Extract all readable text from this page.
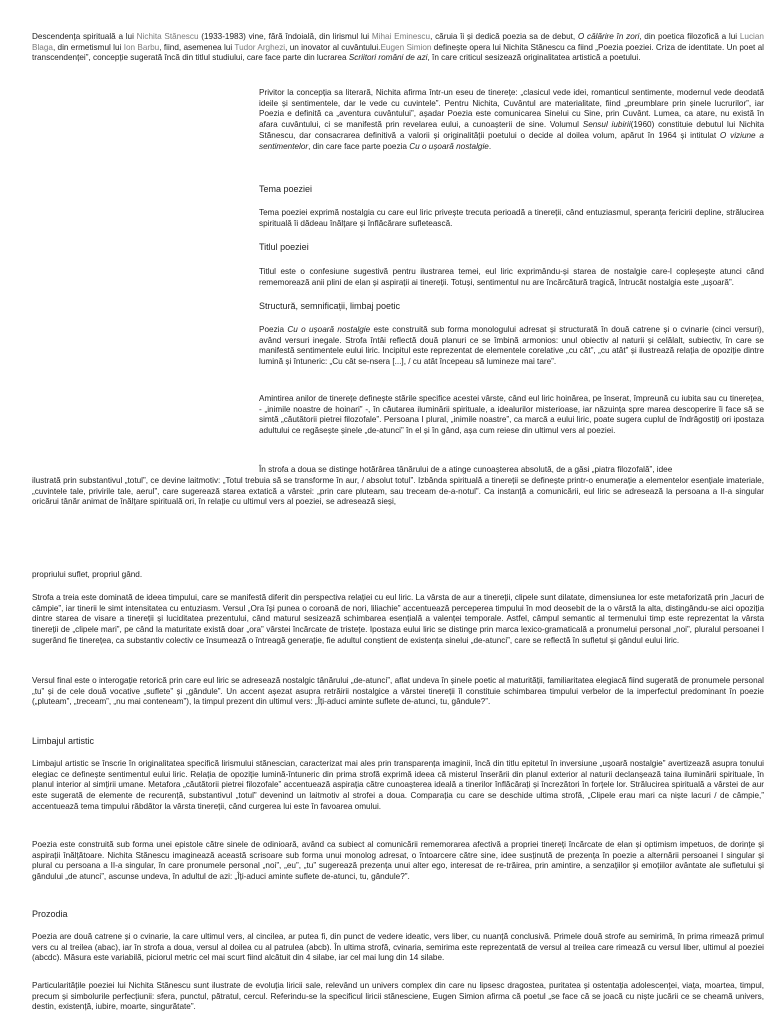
Descendența spirituală a lui Nichita Stănescu (1933-1983) vine, fără îndoială, din lirismul lui Mihai Eminescu, căruia îi și dedică poezia sa de debut, O călărire în zori, din poetica filozofică a lui Lucian Blaga, din ermetismul lui Ion Barbu, fiind, asemenea lui Tudor Arghezi, un inovator al cuvântului.Eugen Simion definește opera lui Nichita Stănescu ca fiind „Poezia poeziei. Criza de identitate. Un poet al transcendenței”, concepție sugerată încă din titlul studiului, care face parte din lucrarea Scriitori români de azi, în care criticul sesizează originalitatea artistică a poetului.

Privitor la concepția sa literară, Nichita afirma într-un eseu de tinerețe: „clasicul vede idei, romanticul sentimente, modernul vede deodată ideile și sentimentele, dar le vede cu cuvintele”. Pentru Nichita, Cuvântul are materialitate, fiind „preumblare prin șinele lucrurilor”, iar Poezia e definită ca „aventura cuvântului”, așadar Poezia este comunicarea Sinelui cu Sine, prin Cuvânt. Lumea, ca atare, nu există în afara cuvântului, ci se manifestă prin revelarea eului, a cunoașterii de sine. Volumul Sensul iubirii(1960) constituie debutul lui Nichita Stănescu, dar consacrarea definitivă a valorii și originalității poetului o decide al doilea volum, apărut în 1964 și intitulat O viziune a sentimentelor, din care face parte poezia Cu o ușoară nostalgie.

Tema poeziei

Tema poeziei exprimă nostalgia cu care eul liric privește trecuta perioadă a tinereții, când entuziasmul, speranța fericirii depline, strălucirea spirituală îi dădeau înălțare și înflăcărare sufletească.

Titlul poeziei

Titlul este o confesiune sugestivă pentru ilustrarea temei, eul liric exprimându-și starea de nostalgie care-l copleșește atunci când rememorează anii plini de elan și aspirații ai tinereții. Totuși, sentimentul nu are încărcătură tragică, întrucât nostalgia este „ușoară”.

Structură, semnificații, limbaj poetic

Poezia Cu o ușoară nostalgie este construită sub forma monologului adresat și structurată în două catrene și o cvinarie (cinci versuri), având versuri inegale. Strofa întâi reflectă două planuri ce se îmbină armonios: unul obiectiv al naturii și celălalt, subiectiv, în care se manifestă sentimentele eului liric. Incipitul este reprezentat de elementele corelative „cu cât”, „cu atât” și ilustrează relația de opoziție dintre lumină și întuneric: „Cu cât se-nsera [...], / cu atât începeau să lumineze mai tare”.

Amintirea anilor de tinerețe definește stările specifice acestei vârste, când eul liric hoinărea, pe înserat, împreună cu iubita sau cu tinerețea, - „inimile noastre de hoinari” -, în căutarea iluminării spirituale, a idealurilor misterioase, iar năzuința spre marea descoperire îi face să se simtă „căutătorii pietrei filozofale”. Persoana I plural, „inimile noastre”, ca marcă a eului liric, poate sugera cuplul de îndrăgostiți ori ipostaza adultului ce regăsește șinele „de-atunci” în el și în gând, așa cum reiese din ultimul vers al poeziei.

În strofa a doua se distinge hotărârea tânărului de a atinge cunoașterea absolută, de a găsi „piatra filozofală”, idee

ilustrată prin substantivul „totul”, ce devine laitmotiv: „Totul trebuia să se transforme în aur, / absolut totul”. Izbânda spirituală a tinereții se definește printr-o enumerație a elementelor esențiale imateriale, „cuvintele tale, privirile tale, aerul”, care sugerează starea extatică a vârstei: „prin care pluteam, sau treceam de-a-notul”. Ca instanță a comunicării, eul liric se adresează la persoana a II-a singular oricărui tânăr animat de înălțare spirituală ori, în relație cu ultimul vers al poeziei, se adresează sieși,

propriului suflet, propriul gând.

Strofa a treia este dominată de ideea timpului, care se manifestă diferit din perspectiva relației cu eul liric. La vârsta de aur a tinereții, clipele sunt dilatate, dimensiunea lor este metaforizată prin „lacuri de câmpie”, iar tinerii le simt intensitatea cu entuziasm. Versul „Ora își punea o coroană de nori, liliachie” accentuează perceperea timpului în mod deosebit de la o vârstă la alta, distingându-se aici opoziția dintre starea de visare a tinereții și luciditatea prezentului, când maturul sesizează schimbarea esențială a valenței temporale. Astfel, câmpul semantic al termenului timp este reprezentat la vârsta tinereții de „clipele mari”, pe când la maturitate există doar „ora” vârstei încărcate de tristețe. Ipostaza eului liric se distinge prin marca lexico-gramaticală a pronumelui personal „noi”, pluralul persoanei I sugerând fie tinerețea, ca substantiv colectiv ce însumează o întreagă generație, fie adultul conștient de existența sinelui „de-atunci”, care se reflectă în sufletul și gândul eului liric.

Versul final este o interogație retorică prin care eul liric se adresează nostalgic tânărului „de-atunci”, aflat undeva în șinele poetic al maturității, familiaritatea elegiacă fiind sugerată de pronumele personal „tu” și de cele două vocative „suflete” și „gândule”. Un accent așezat asupra retrăirii nostalgice a vârstei tinereții îl constituie schimbarea timpului verbelor de la imperfectul predominant în poezie („pluteam”, „treceam”, „nu mai conteneam”), la timpul prezent din ultimul vers: „Îți-aduci aminte suflete de-atunci, tu, gândule?”.

Limbajul artistic

Limbajul artistic se înscrie în originalitatea specifică lirismului stănescian, caracterizat mai ales prin transparența imaginii, încă din titlu epitetul în inversiune „ușoară nostalgie” avertizează asupra tonului elegiac ce definește sentimentul eului liric. Relația de opoziție lumină-întuneric din prima strofă exprimă ideea că misterul înserării din planul exterior al naturii declanșează taina iluminării spirituale, în planul interior al simțirii umane. Metafora „căutătorii pietrei filozofale” accentuează aspirația către cunoașterea ideală a tinerilor înflăcărați și încrezători în forțele lor. Strălucirea spirituală a vârstei de aur este sugerată de elemente de recurență, substantivul „totul” devenind un laitmotiv al strofei a doua. Comparația cu care se deschide ultima strofă, „Clipele erau mari ca niște lacuri / de câmpie,” accentuează tema timpului răbdător la vârsta tinereții, când curgerea lui este în favoarea omului.

Poezia este construită sub forma unei epistole către sinele de odinioară, având ca subiect al comunicării rememorarea afectivă a propriei tinereți încărcate de elan și optimism impetuos, de dorințe și aspirații înălțătoare. Nichita Stănescu imaginează această scrisoare sub forma unui monolog adresat, o întoarcere către sine, idee susținută de prezența în poezie a alternării persoanei I singular și plural cu persoana a II-a singular, în care pronumele personal „noi”, „eu”, „tu” sugerează prezența unui alter ego, interesat de re-trăirea, prin amintire, a senzațiilor și emoțiilor avântate ale sufletului și gândului „de atunci”, ascunse undeva, în adultul de azi: „Îți-aduci aminte suflete de-atunci, tu, gândule?”.

Prozodia

Poezia are două catrene și o cvinarie, la care ultimul vers, al cincilea, ar putea fi, din punct de vedere ideatic, vers liber, cu nuanță conclusivă. Primele două strofe au semirimă, în prima rimează primul vers cu al treilea (abac), iar în strofa a doua, versul al doilea cu al patrulea (abcb). În ultima strofă, cvinaria, semirima este reprezentată de versul al treilea care rimează cu versul liber, ultimul al poeziei (abcdc). Măsura este variabilă, piciorul metric cel mai scurt fiind alcătuit din 4 silabe, iar cel mai lung din 14 silabe.

Particularitățile poeziei lui Nichita Stănescu sunt ilustrate de evoluția liricii sale, relevând un univers complex din care nu lipsesc dragostea, puritatea și ostentația adolescenței, viața, moartea, timpul, precum și simbolurile perfecțiunii: sfera, punctul, pătratul, cercul. Referindu-se la specificul liricii stănesciene, Eugen Simion afirma că poetul „se face că se joacă cu niște jucării ce se cheamă univers, destin, existență, iubire, moarte, singurătate”.
